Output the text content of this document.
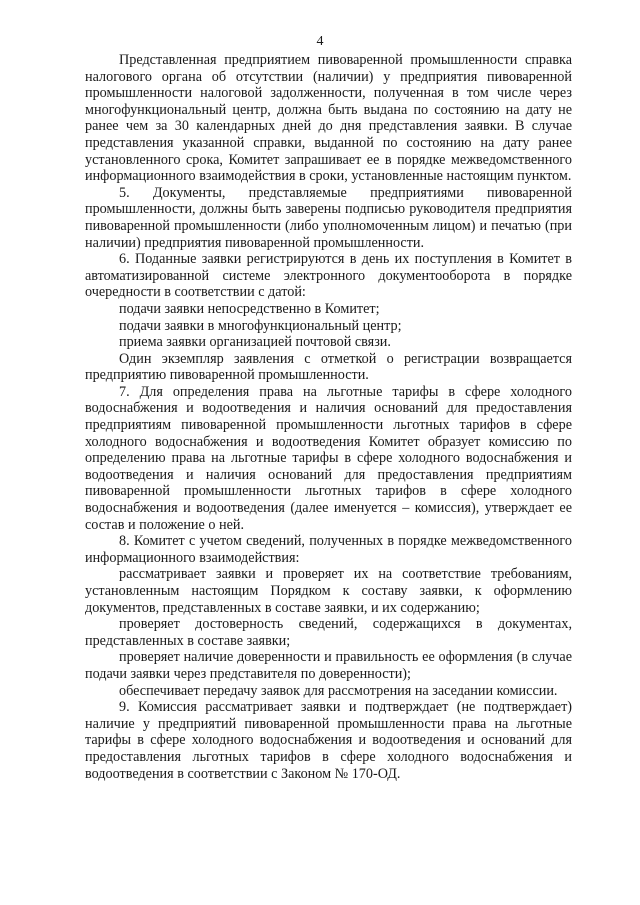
4

Представленная предприятием пивоваренной промышленности справка налогового органа об отсутствии (наличии) у предприятия пивоваренной промышленности налоговой задолженности, полученная в том числе через многофункциональный центр, должна быть выдана по состоянию на дату не ранее чем за 30 календарных дней до дня представления заявки. В случае представления указанной справки, выданной по состоянию на дату ранее установленного срока, Комитет запрашивает ее в порядке межведомственного информационного взаимодействия в сроки, установленные настоящим пунктом.

5. Документы, представляемые предприятиями пивоваренной промышленности, должны быть заверены подписью руководителя предприятия пивоваренной промышленности (либо уполномоченным лицом) и печатью (при наличии) предприятия пивоваренной промышленности.

6. Поданные заявки регистрируются в день их поступления в Комитет в автоматизированной системе электронного документооборота в порядке очередности в соответствии с датой:

подачи заявки непосредственно в Комитет;

подачи заявки в многофункциональный центр;

приема заявки организацией почтовой связи.

Один экземпляр заявления с отметкой о регистрации возвращается предприятию пивоваренной промышленности.

7. Для определения права на льготные тарифы в сфере холодного водоснабжения и водоотведения и наличия оснований для предоставления предприятиям пивоваренной промышленности льготных тарифов в сфере холодного водоснабжения и водоотведения Комитет образует комиссию по определению права на льготные тарифы в сфере холодного водоснабжения и водоотведения и наличия оснований для предоставления предприятиям пивоваренной промышленности льготных тарифов в сфере холодного водоснабжения и водоотведения (далее именуется – комиссия), утверждает ее состав и положение о ней.

8. Комитет с учетом сведений, полученных в порядке межведомственного информационного взаимодействия:

рассматривает заявки и проверяет их на соответствие требованиям, установленным настоящим Порядком к составу заявки, к оформлению документов, представленных в составе заявки, и их содержанию;

проверяет достоверность сведений, содержащихся в документах, представленных в составе заявки;

проверяет наличие доверенности и правильность ее оформления (в случае подачи заявки через представителя по доверенности);

обеспечивает передачу заявок для рассмотрения на заседании комиссии.

9. Комиссия рассматривает заявки и подтверждает (не подтверждает) наличие у предприятий пивоваренной промышленности права на льготные тарифы в сфере холодного водоснабжения и водоотведения и оснований для предоставления льготных тарифов в сфере холодного водоснабжения и водоотведения в соответствии с Законом № 170-ОД.
